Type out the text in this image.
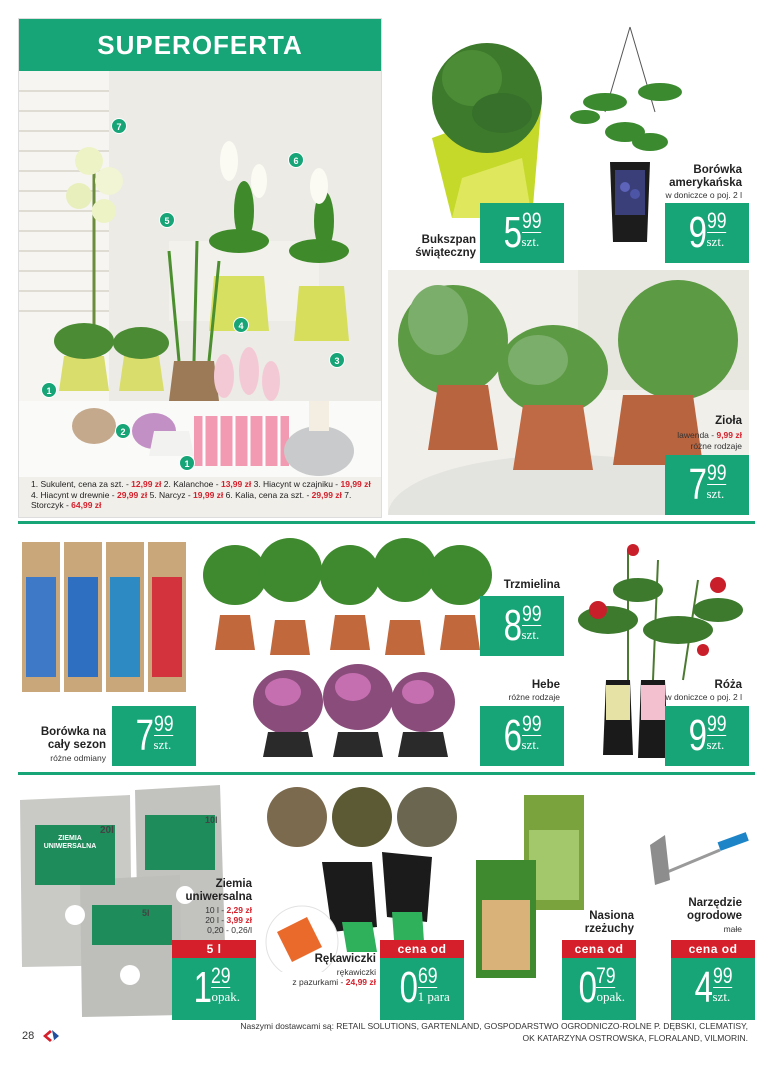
SUPEROFERTA
1
1
2
3
4
5
6
7
1. Sukulent, cena za szt. - 12,99 zł 2. Kalanchoe - 13,99 zł 3. Hiacynt w czajniku - 19,99 zł 4. Hiacynt w drewnie - 29,99 zł 5. Narcyz - 19,99 zł 6. Kalia, cena za szt. - 29,99 zł 7. Storczyk - 64,99 zł
Bukszpan świąteczny 5 99
szt.
Borówka amerykańska
w doniczce o poj. 2 l
9 99
szt.
Zioła
lawenda - 9,99 zł
różne rodzaje
7 99
szt.
Borówka na cały sezon
różne odmiany 7 99
szt.
Trzmielina
8 99
szt.
Hebe
różne rodzaje
6 99
szt.
Róża
w doniczce o poj. 2 l
9 99
szt.
ZIEMIA UNIWERSALNA
20l
10l
5l
Ziemia uniwersalna
10 l - 2,29 zł
20 l - 3,99 zł
0,20 - 0,26/l
5 l
1 29
opak.
Rękawiczki
rękawiczki
z pazurkami - 24,99 zł
cena od
0 69
1 para
Nasiona rzeżuchy
cena od
0 79
opak.
Narzędzie ogrodowe
małe
cena od
4 99
szt.
28
Naszymi dostawcami są: RETAIL SOLUTIONS, GARTENLAND, GOSPODARSTWO OGRODNICZO-ROLNE P. DĘBSKI, CLEMATISY,
OK KATARZYNA OSTROWSKA, FLORALAND, VILMORIN.
